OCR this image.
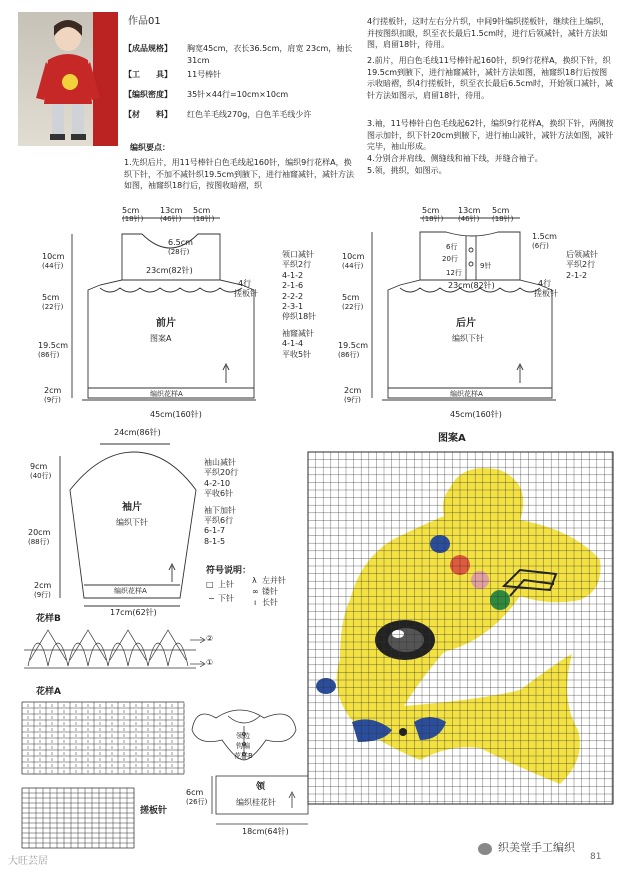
作品01
【成品规格】 胸宽45cm，衣长36.5cm，肩宽 23cm，袖长31cm
【工　　具】 11号棒针
【编织密度】 35针×44行=10cm×10cm
【材　　料】 红色羊毛线270g，白色羊毛线少许
编织要点：
1.先织后片，用11号棒针白色毛线起160针，编织9行花样A，换织下针，不加不减针织19.5cm到腋下，进行袖窿减针，减针方法如图，袖窿织18行后，按图收暗褶，织
4行搓板针，这时左右分片织，中间9针编织搓板针，继续往上编织，并按图织扣眼，织至衣长最后1.5cm时，进行后领减针，减针方法如图，肩留18针，待用。
2.前片，用白色毛线11号棒针起160针，织9行花样A，换织下针，织19.5cm到腋下，进行袖窿减针，减针方法如图，袖窿织18行后按图示收暗褶，织4行搓板针，织至衣长最后6.5cm时，开始领口减针，减针方法如图示，肩留18针，待用。
3.袖，11号棒针白色毛线起62针，编织9行花样A，换织下针，两侧按图示加针，织下针20cm到腋下，进行袖山减针，减针方法如图，减针完毕，袖山形成。
4.分别合并肩线、侧缝线和袖下线，并缝合袖子。
5.领，挑织，如图示。
5cm
(18针)
13cm
(46针)
5cm
(18针)
6.5cm
(28行)
23cm(82针)
4行
搓板针
前片
图案A
编织花样A
45cm(160针)
10cm
(44行)
5cm
(22行)
19.5cm
(86行)
2cm
(9行)
领口减针
平织2行
4-1-2
2-1-6
2-2-2
2-3-1
停织18针
袖窿减针
4-1-4
平收5针
5cm
(18针)
13cm
(46针)
5cm
(18针)
1.5cm
(6行)
6行
20行
12行
9针
23cm(82针)	4行
搓板针
后片
编织下针
编织花样A
45cm(160针)
10cm
(44行)
5cm
(22行)
19.5cm
(86行)
2cm
(9行)
后领减针
平织2行
2-1-2
24cm(86针)
9cm
(40行)
20cm
(88行)
2cm
(9行)
袖片
编织下针
编织花样A
17cm(62针)
袖山减针
平织20行
4-2-10
平收6针
袖下加针
平织6行
6-1-7
8-1-5
符号说明：
□ 上针
− 下针
λ 左并针
∞ 镂针
ı 长针
花样B
②
①
花样A
搓板针
领边
钩编
花样B
领
编织桂花针
6cm
(26行)
18cm(64针)
图案A
大旺芸居
织美堂手工编织
81
